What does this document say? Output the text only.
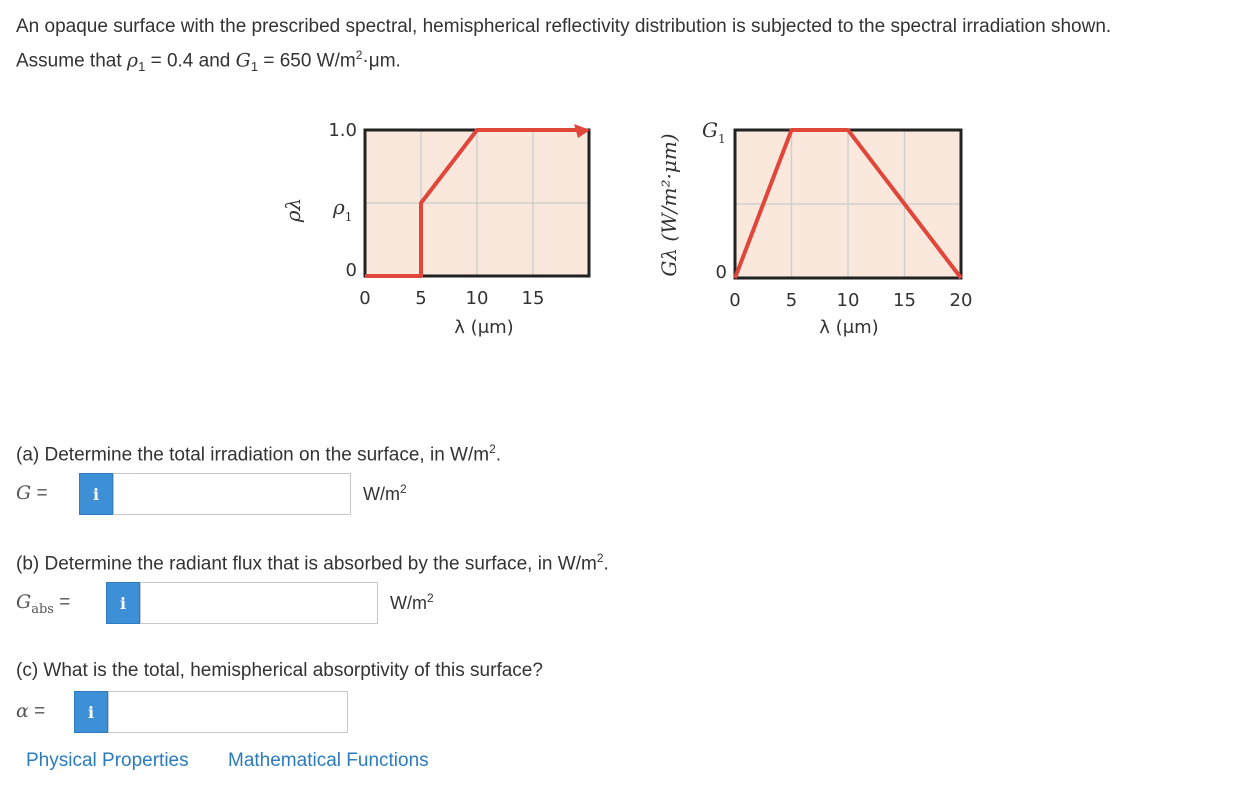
An opaque surface with the prescribed spectral, hemispherical reflectivity distribution is subjected to the spectral irradiation shown.
Assume that $\rho_1 = 0.4$ and $G_1 = 650$ $W/m^2\cdot\mu m$.
0 5 10 15
0
1.0
λ (μm)
ρλ $\rho_1$
0	5 10 15 20
0
λ (μm)
Gλ (W/m²·μm)
$G_1$
(a) Determine the total irradiation on the surface, in $W/m^2$.
G =	i	$W/m^2$
(b) Determine the radiant flux that is absorbed by the surface, in $W/m^2$.
$G_{abs}$ =	i	$W/m^2$
(c) What is the total, hemispherical absorptivity of this surface?
α =	i
Physical Properties Mathematical Functions
